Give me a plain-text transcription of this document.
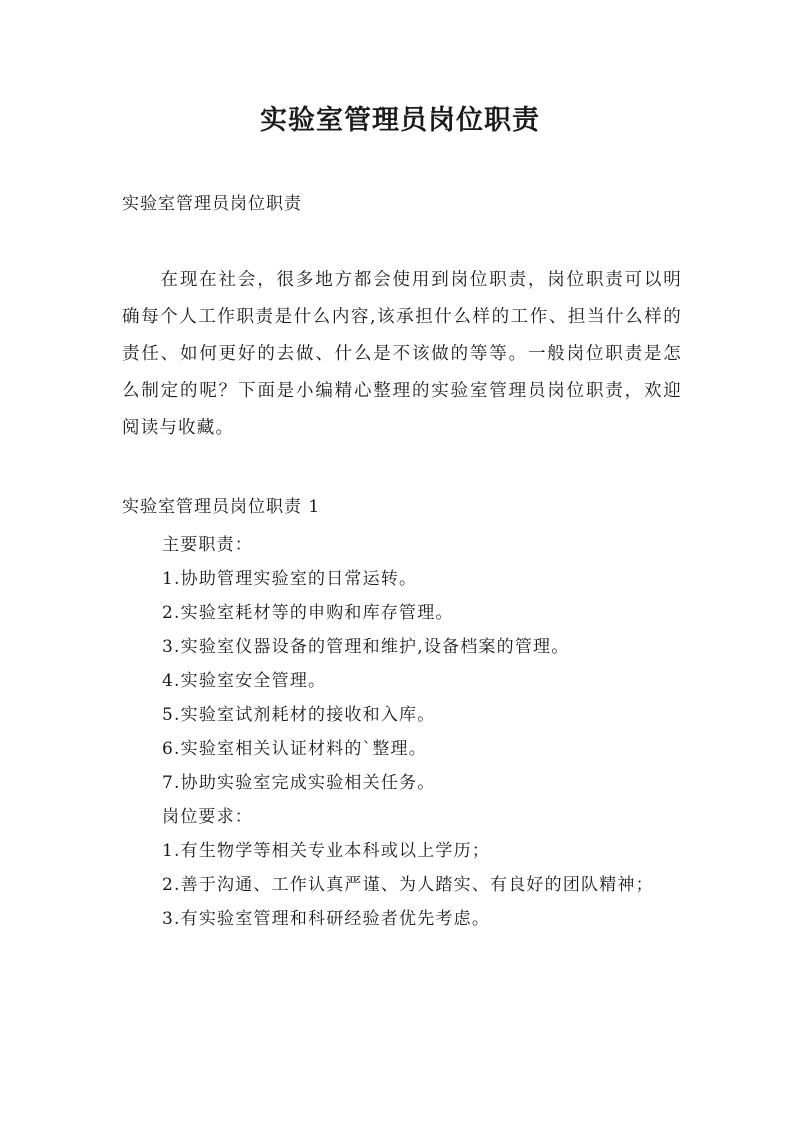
实验室管理员岗位职责

实验室管理员岗位职责

在现在社会，很多地方都会使用到岗位职责，岗位职责可以明确每个人工作职责是什么内容,该承担什么样的工作、担当什么样的责任、如何更好的去做、什么是不该做的等等。一般岗位职责是怎么制定的呢？下面是小编精心整理的实验室管理员岗位职责，欢迎阅读与收藏。

实验室管理员岗位职责 1

主要职责：
1.协助管理实验室的日常运转。
2.实验室耗材等的申购和库存管理。
3.实验室仪器设备的管理和维护,设备档案的管理。
4.实验室安全管理。
5.实验室试剂耗材的接收和入库。
6.实验室相关认证材料的`整理。
7.协助实验室完成实验相关任务。
岗位要求：
1.有生物学等相关专业本科或以上学历；
2.善于沟通、工作认真严谨、为人踏实、有良好的团队精神；
3.有实验室管理和科研经验者优先考虑。
